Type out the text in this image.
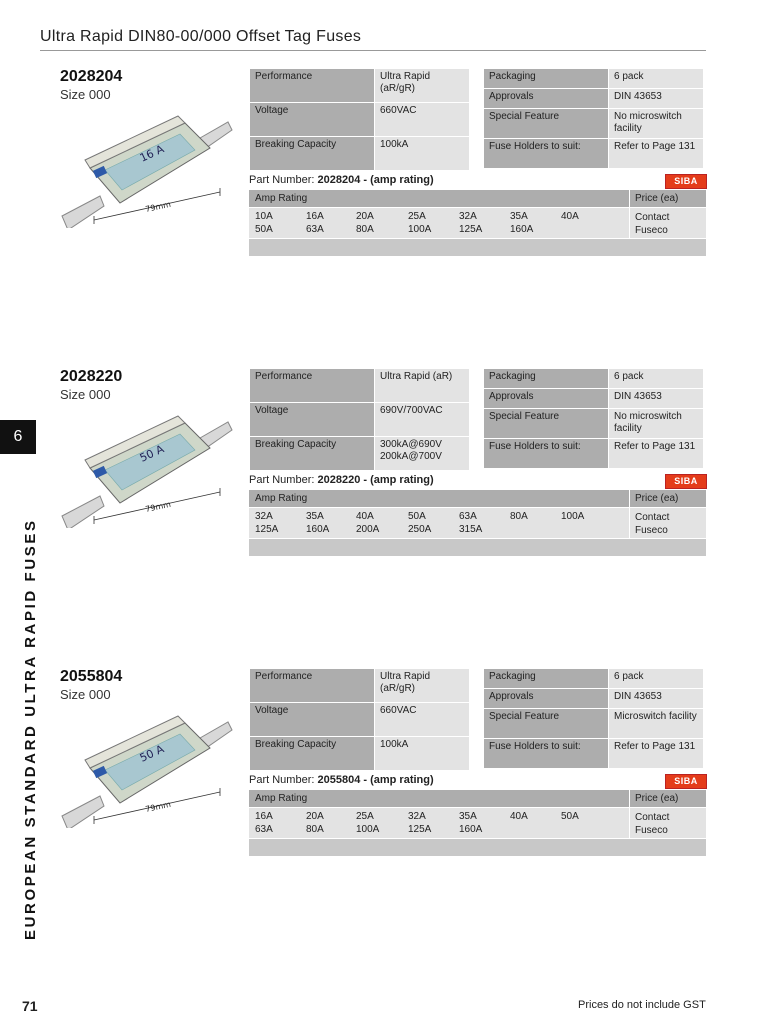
Ultra Rapid DIN80-00/000 Offset Tag Fuses
2028204
Size 000
16 A
79mm
Performance	Ultra Rapid (aR/gR)
Voltage	660VAC
Breaking Capacity	100kA
Packaging	6 pack
Approvals	DIN 43653
Special Feature	No microswitch facility
Fuse Holders to suit:	Refer to Page 131
Part Number: 2028204 - (amp rating)	SIBA
Amp Rating	Price (ea)
10A	16A	20A	25A	32A	35A	40A
50A	63A	80A	100A	125A	160A
Contact
Fuseco
2028220
Size 000
50 A
79mm
Performance	Ultra Rapid (aR)
Voltage	690V/700VAC
Breaking Capacity	300kA@690V 200kA@700V
Packaging	6 pack
Approvals	DIN 43653
Special Feature	No microswitch facility
Fuse Holders to suit:	Refer to Page 131
Part Number: 2028220 - (amp rating)	SIBA
Amp Rating	Price (ea)
32A	35A	40A	50A	63A	80A	100A
125A	160A	200A	250A	315A
Contact
Fuseco
2055804
Size 000
50 A
79mm
Performance	Ultra Rapid (aR/gR)
Voltage	660VAC
Breaking Capacity	100kA
Packaging	6 pack
Approvals	DIN 43653
Special Feature	Microswitch facility
Fuse Holders to suit:	Refer to Page 131
Part Number: 2055804 - (amp rating)	SIBA
Amp Rating	Price (ea)
16A	20A	25A	32A	35A	40A	50A
63A	80A	100A	125A	160A
Contact
Fuseco
6
EUROPEAN STANDARD ULTRA RAPID FUSES
71	Prices do not include GST
